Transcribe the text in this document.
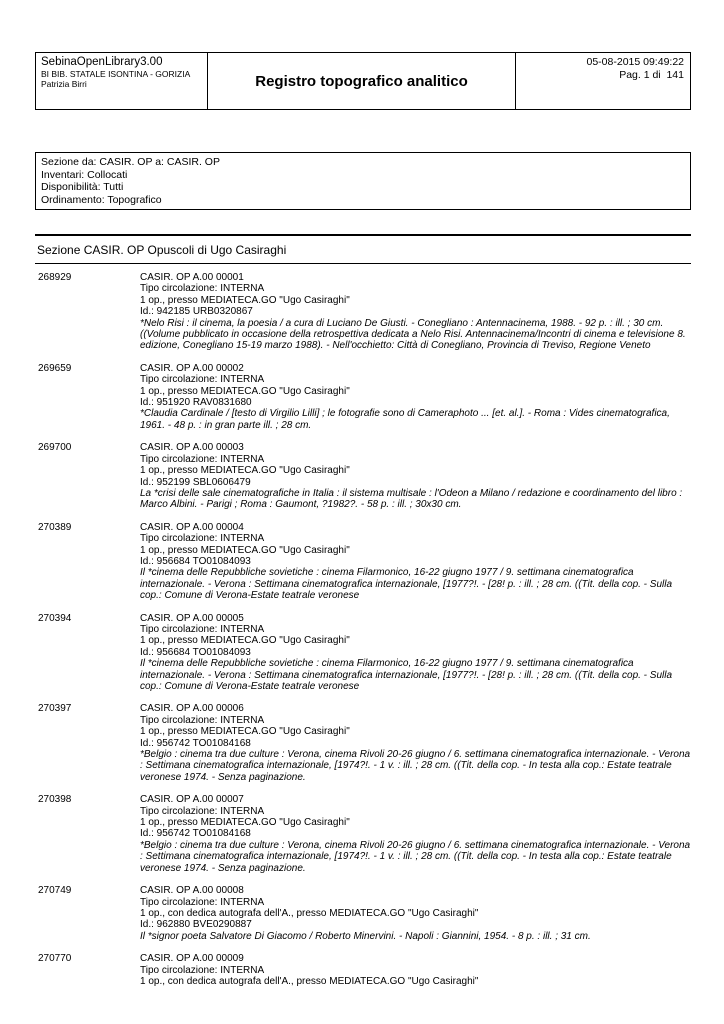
SebinaOpenLibrary3.00
BI BIB. STATALE ISONTINA - GORIZIA
Patrizia Birri	Registro topografico analitico
05-08-2015 09:49:22
Pag. 1 di  141
Sezione da: CASIR. OP a: CASIR. OP
Inventari: Collocati
Disponibilità: Tutti
Ordinamento: Topografico
Sezione CASIR. OP Opuscoli di Ugo Casiraghi
268929	CASIR. OP A.00 00001
Tipo circolazione: INTERNA
1 op., presso MEDIATECA.GO "Ugo Casiraghi"
Id.: 942185 URB0320867
*Nelo Risi : il cinema, la poesia / a cura di Luciano De Giusti. - Conegliano : Antennacinema, 1988. - 92 p. : ill. ; 30 cm. ((Volume pubblicato in occasione della retrospettiva dedicata a Nelo Risi. Antennacinema/Incontri di cinema e televisione 8. edizione, Conegliano 15-19 marzo 1988). - Nell'occhietto: Città di Conegliano, Provincia di Treviso, Regione Veneto
269659	CASIR. OP A.00 00002
Tipo circolazione: INTERNA
1 op., presso MEDIATECA.GO "Ugo Casiraghi"
Id.: 951920 RAV0831680
*Claudia Cardinale / [testo di Virgilio Lilli] ; le fotografie sono di Cameraphoto ... [et. al.]. - Roma : Vides cinematografica, 1961. - 48 p. : in gran parte ill. ; 28 cm.
269700	CASIR. OP A.00 00003
Tipo circolazione: INTERNA
1 op., presso MEDIATECA.GO "Ugo Casiraghi"
Id.: 952199 SBL0606479
La *crisi delle sale cinematografiche in Italia : il sistema multisale : l'Odeon a Milano / redazione e coordinamento del libro : Marco Albini. - Parigi ; Roma : Gaumont, ?1982?. - 58 p. : ill. ; 30x30 cm.
270389	CASIR. OP A.00 00004
Tipo circolazione: INTERNA
1 op., presso MEDIATECA.GO "Ugo Casiraghi"
Id.: 956684 TO01084093
Il *cinema delle Repubbliche sovietiche : cinema Filarmonico, 16-22 giugno 1977 / 9. settimana cinematografica internazionale. - Verona : Settimana cinematografica internazionale, [1977?!. - [28! p. : ill. ; 28 cm. ((Tit. della cop. - Sulla cop.: Comune di Verona-Estate teatrale veronese
270394	CASIR. OP A.00 00005
Tipo circolazione: INTERNA
1 op., presso MEDIATECA.GO "Ugo Casiraghi"
Id.: 956684 TO01084093
Il *cinema delle Repubbliche sovietiche : cinema Filarmonico, 16-22 giugno 1977 / 9. settimana cinematografica internazionale. - Verona : Settimana cinematografica internazionale, [1977?!. - [28! p. : ill. ; 28 cm. ((Tit. della cop. - Sulla cop.: Comune di Verona-Estate teatrale veronese
270397	CASIR. OP A.00 00006
Tipo circolazione: INTERNA
1 op., presso MEDIATECA.GO "Ugo Casiraghi"
Id.: 956742 TO01084168
*Belgio : cinema tra due culture : Verona, cinema Rivoli 20-26 giugno / 6. settimana cinematografica internazionale. - Verona : Settimana cinematografica internazionale, [1974?!. - 1 v. : ill. ; 28 cm. ((Tit. della cop. - In testa alla cop.: Estate teatrale veronese 1974. - Senza paginazione.
270398	CASIR. OP A.00 00007
Tipo circolazione: INTERNA
1 op., presso MEDIATECA.GO "Ugo Casiraghi"
Id.: 956742 TO01084168
*Belgio : cinema tra due culture : Verona, cinema Rivoli 20-26 giugno / 6. settimana cinematografica internazionale. - Verona : Settimana cinematografica internazionale, [1974?!. - 1 v. : ill. ; 28 cm. ((Tit. della cop. - In testa alla cop.: Estate teatrale veronese 1974. - Senza paginazione.
270749	CASIR. OP A.00 00008
Tipo circolazione: INTERNA
1 op., con dedica autografa dell'A., presso MEDIATECA.GO "Ugo Casiraghi"
Id.: 962880 BVE0290887
Il *signor poeta Salvatore Di Giacomo / Roberto Minervini. - Napoli : Giannini, 1954. - 8 p. : ill. ; 31 cm.
270770	CASIR. OP A.00 00009
Tipo circolazione: INTERNA
1 op., con dedica autografa dell'A., presso MEDIATECA.GO "Ugo Casiraghi"
